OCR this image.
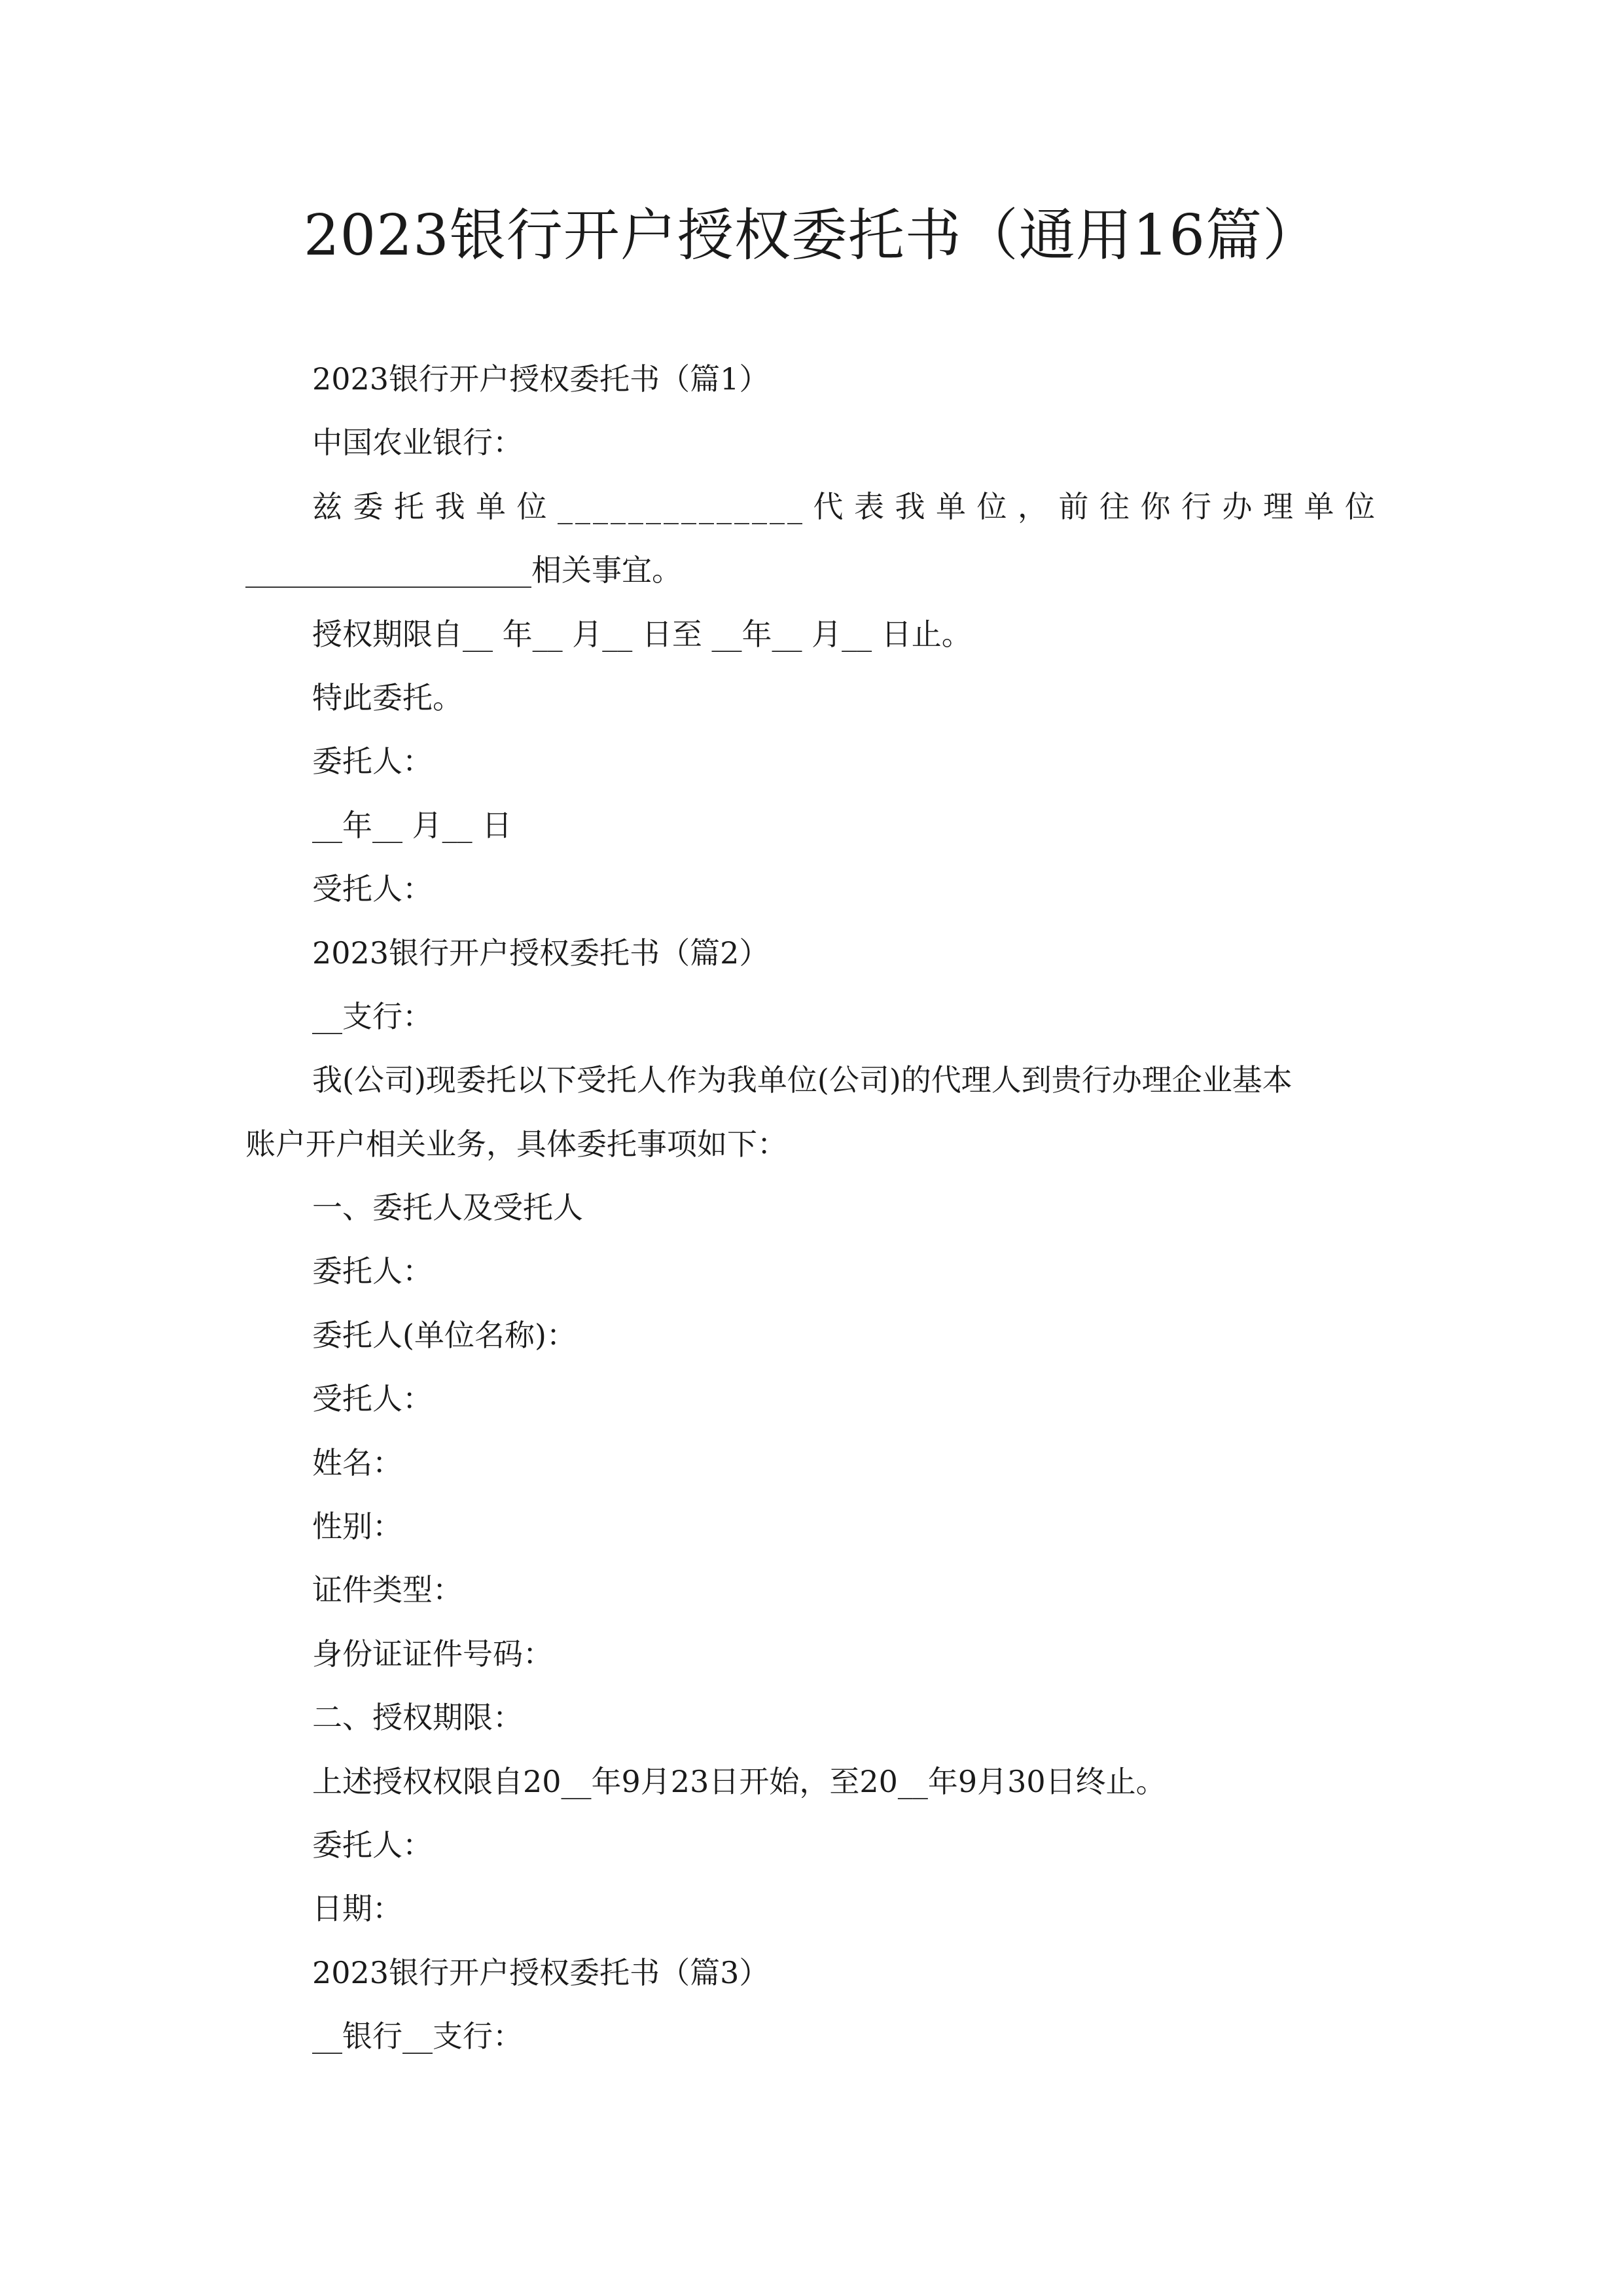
2023银行开户授权委托书（通用16篇）
2023银行开户授权委托书（篇1）
中国农业银行：
兹委托我单位______________代表我单位，前往你行办理单位
___________________相关事宜。
授权期限自__ 年__ 月__ 日至 __年__ 月__ 日止。
特此委托。
委托人：
__年__ 月__ 日
受托人：
2023银行开户授权委托书（篇2）
__支行：
我(公司)现委托以下受托人作为我单位(公司)的代理人到贵行办理企业基本
账户开户相关业务，具体委托事项如下：
一、委托人及受托人
委托人：
委托人(单位名称)：
受托人：
姓名：
性别：
证件类型：
身份证证件号码：
二、授权期限：
上述授权权限自20__年9月23日开始，至20__年9月30日终止。
委托人：
日期：
2023银行开户授权委托书（篇3）
__银行__支行：
